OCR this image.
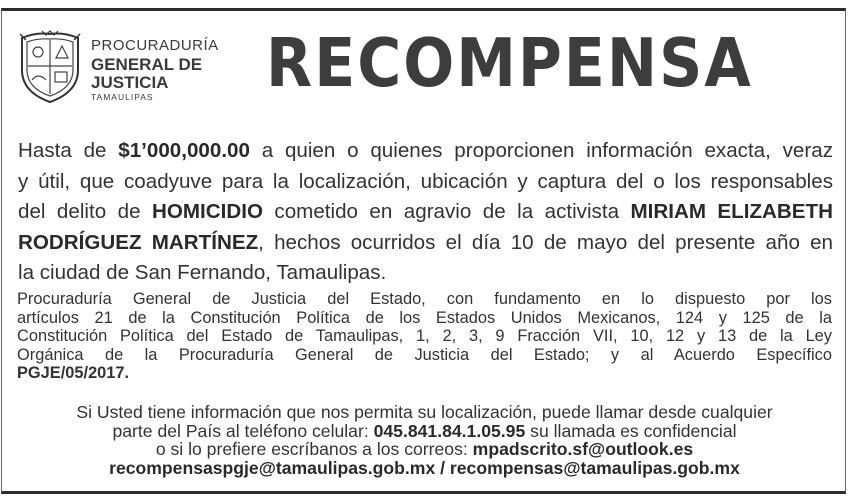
PROCURADURÍA
GENERAL DE
JUSTICIA
TAMAULIPAS	RECOMPENSA
Hasta de $1’000,000.00 a quien o quienes proporcionen información exacta, veraz
y útil, que coadyuve para la localización, ubicación y captura del o los responsables
del delito de HOMICIDIO cometido en agravio de la activista MIRIAM ELIZABETH
RODRÍGUEZ MARTÍNEZ, hechos ocurridos el día 10 de mayo del presente año en
la ciudad de San Fernando, Tamaulipas.
Procuraduría General de Justicia del Estado, con fundamento en lo dispuesto por los
artículos 21 de la Constitución Política de los Estados Unidos Mexicanos, 124 y 125 de la
Constitución Política del Estado de Tamaulipas, 1, 2, 3, 9 Fracción VII, 10, 12 y 13 de la Ley
Orgánica de la Procuraduría General de Justicia del Estado; y al Acuerdo Específico
PGJE/05/2017.
Si Usted tiene información que nos permita su localización, puede llamar desde cualquier
parte del País al teléfono celular: 045.841.84.1.05.95 su llamada es confidencial
o si lo prefiere escríbanos a los correos: mpadscrito.sf@outlook.es
recompensaspgje@tamaulipas.gob.mx / recompensas@tamaulipas.gob.mx
